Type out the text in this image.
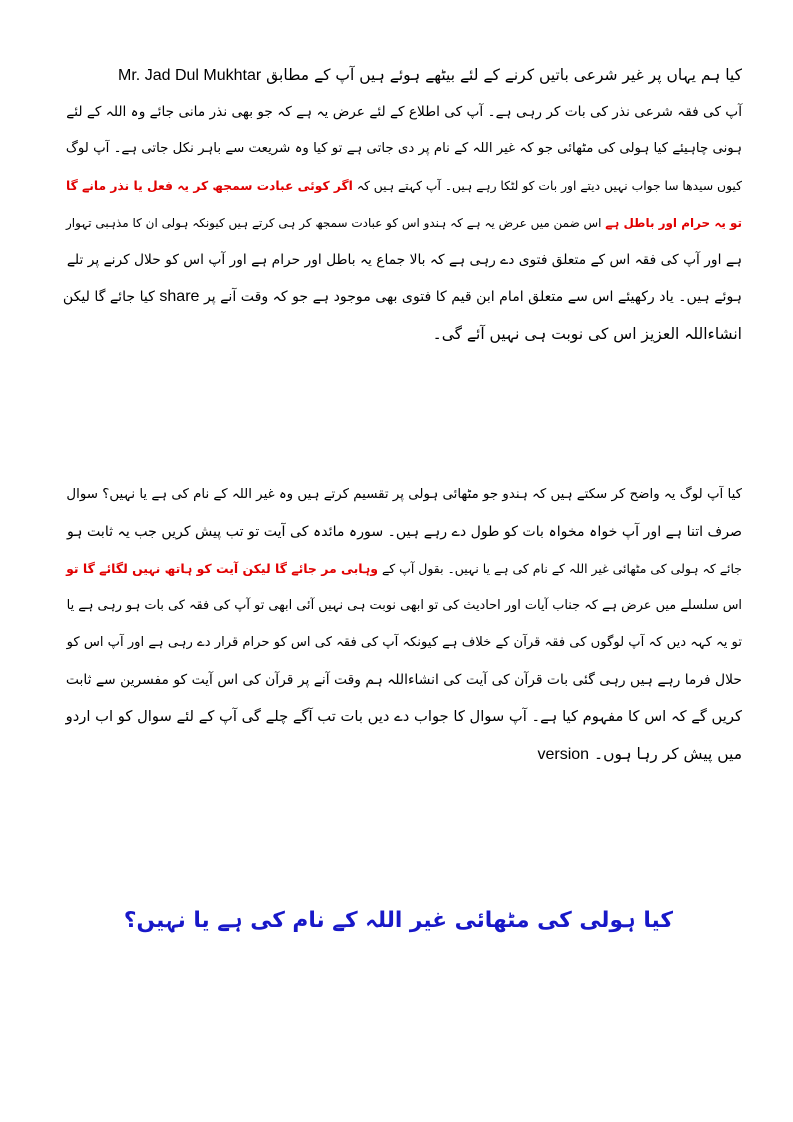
کیا ہم یہاں پر غیر شرعی باتیں کرنے کے لئے بیٹھے ہوئے ہیں آپ کے مطابق Mr. Jad Dul Mukhtar
آپ کی فقہ شرعی نذر کی بات کر رہی ہے۔ آپ کی اطلاع کے لئے عرض یہ ہے کہ جو بھی نذر مانی جائے وہ اللہ کے لئے
ہونی چاہیئے کیا ہولی کی مٹھائی جو کہ غیر اللہ کے نام پر دی جاتی ہے تو کیا وہ شریعت سے باہر نکل جاتی ہے۔ آپ لوگ
کیوں سیدھا سا جواب نہیں دیتے اور بات کو لٹکا رہے ہیں۔ آپ کہتے ہیں کہ اگر کوئی عبادت سمجھ کر یہ فعل یا نذر مانے گا
تو یہ حرام اور باطل ہے اس ضمن میں عرض یہ ہے کہ ہندو اس کو عبادت سمجھ کر ہی کرتے ہیں کیونکہ ہولی ان کا مذہبی تہوار
ہے اور آپ کی فقہ اس کے متعلق فتوی دے رہی ہے کہ بالا جماع یہ باطل اور حرام ہے اور آپ اس کو حلال کرنے پر تلے
ہوئے ہیں۔ یاد رکھیئے اس سے متعلق امام ابن قیم کا فتوی بھی موجود ہے جو کہ وقت آنے پر share کیا جائے گا لیکن
انشاءاللہ العزیز اس کی نوبت ہی نہیں آئے گی۔
کیا آپ لوگ یہ واضح کر سکتے ہیں کہ ہندو جو مٹھائی ہولی پر تقسیم کرتے ہیں وہ غیر اللہ کے نام کی ہے یا نہیں؟ سوال
صرف اتنا ہے اور آپ خواہ مخواہ بات کو طول دے رہے ہیں۔ سورہ مائدہ کی آیت تو تب پیش کریں جب یہ ثابت ہو
جائے کہ ہولی کی مٹھائی غیر اللہ کے نام کی ہے یا نہیں۔ بقول آپ کے وہابی مر جائے گا لیکن آیت کو ہاتھ نہیں لگائے گا تو
اس سلسلے میں عرض ہے کہ جناب آیات اور احادیث کی تو ابھی نوبت ہی نہیں آئی ابھی تو آپ کی فقہ کی بات ہو رہی ہے یا
تو یہ کہہ دیں کہ آپ لوگوں کی فقہ قرآن کے خلاف ہے کیونکہ آپ کی فقہ کی اس کو حرام قرار دے رہی ہے اور آپ اس کو
حلال فرما رہے ہیں رہی گئی بات قرآن کی آیت کی انشاءاللہ ہم وقت آنے پر قرآن کی اس آیت کو مفسرین سے ثابت
کریں گے کہ اس کا مفہوم کیا ہے۔ آپ سوال کا جواب دے دیں بات تب آگے چلے گی آپ کے لئے سوال کو اب اردو
میں پیش کر رہا ہوں۔ version
کیا ہولی کی مٹھائی غیر اللہ کے نام کی ہے یا نہیں؟
